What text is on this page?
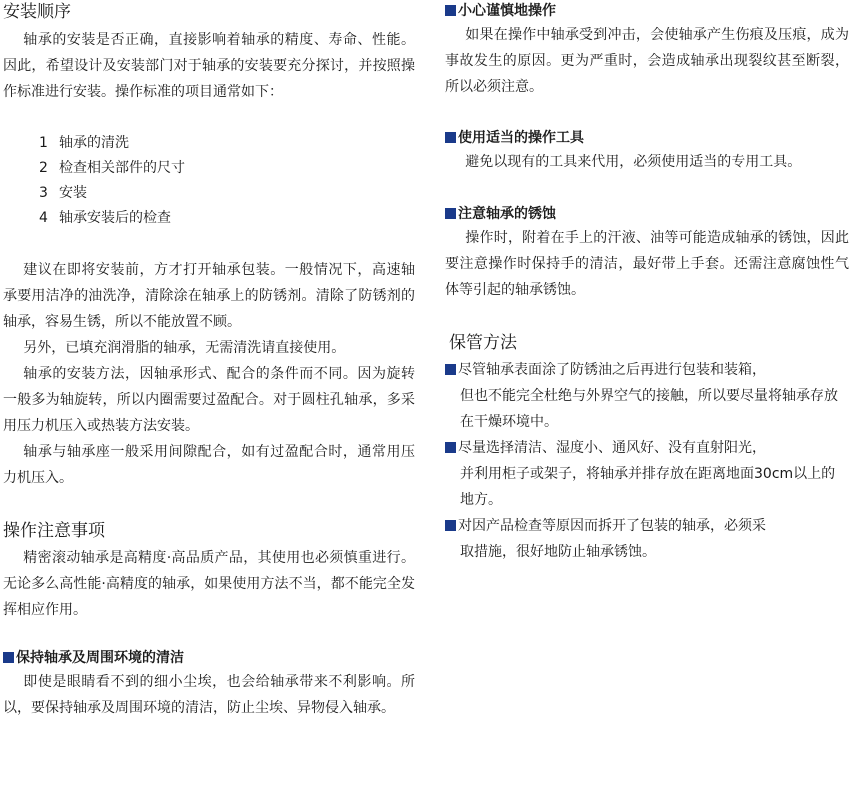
安装顺序

轴承的安装是否正确，直接影响着轴承的精度、寿命、性能。因此，希望设计及安装部门对于轴承的安装要充分探讨，并按照操作标准进行安装。操作标准的项目通常如下：

1 轴承的清洗
2 检查相关部件的尺寸
3 安装
4 轴承安装后的检查

建议在即将安装前，方才打开轴承包装。一般情况下，高速轴承要用洁净的油洗净，清除涂在轴承上的防锈剂。清除了防锈剂的轴承，容易生锈，所以不能放置不顾。

另外，已填充润滑脂的轴承，无需清洗请直接使用。

轴承的安装方法，因轴承形式、配合的条件而不同。因为旋转一般多为轴旋转，所以内圈需要过盈配合。对于圆柱孔轴承，多采用压力机压入或热装方法安装。

轴承与轴承座一般采用间隙配合，如有过盈配合时，通常用压力机压入。

操作注意事项

精密滚动轴承是高精度·高品质产品，其使用也必须慎重进行。无论多么高性能·高精度的轴承，如果使用方法不当，都不能完全发挥相应作用。

保持轴承及周围环境的清洁

即使是眼睛看不到的细小尘埃，也会给轴承带来不利影响。所以，要保持轴承及周围环境的清洁，防止尘埃、异物侵入轴承。

小心谨慎地操作

如果在操作中轴承受到冲击，会使轴承产生伤痕及压痕，成为事故发生的原因。更为严重时，会造成轴承出现裂纹甚至断裂，所以必须注意。

使用适当的操作工具

避免以现有的工具来代用，必须使用适当的专用工具。

注意轴承的锈蚀

操作时，附着在手上的汗液、油等可能造成轴承的锈蚀，因此要注意操作时保持手的清洁，最好带上手套。还需注意腐蚀性气体等引起的轴承锈蚀。

保管方法
尽管轴承表面涂了防锈油之后再进行包装和装箱，
但也不能完全杜绝与外界空气的接触，所以要尽量将轴承存放在干燥环境中。
尽量选择清洁、湿度小、通风好、没有直射阳光，
并利用柜子或架子，将轴承并排存放在距离地面30cm以上的地方。
对因产品检查等原因而拆开了包装的轴承，必须采
取措施，很好地防止轴承锈蚀。
